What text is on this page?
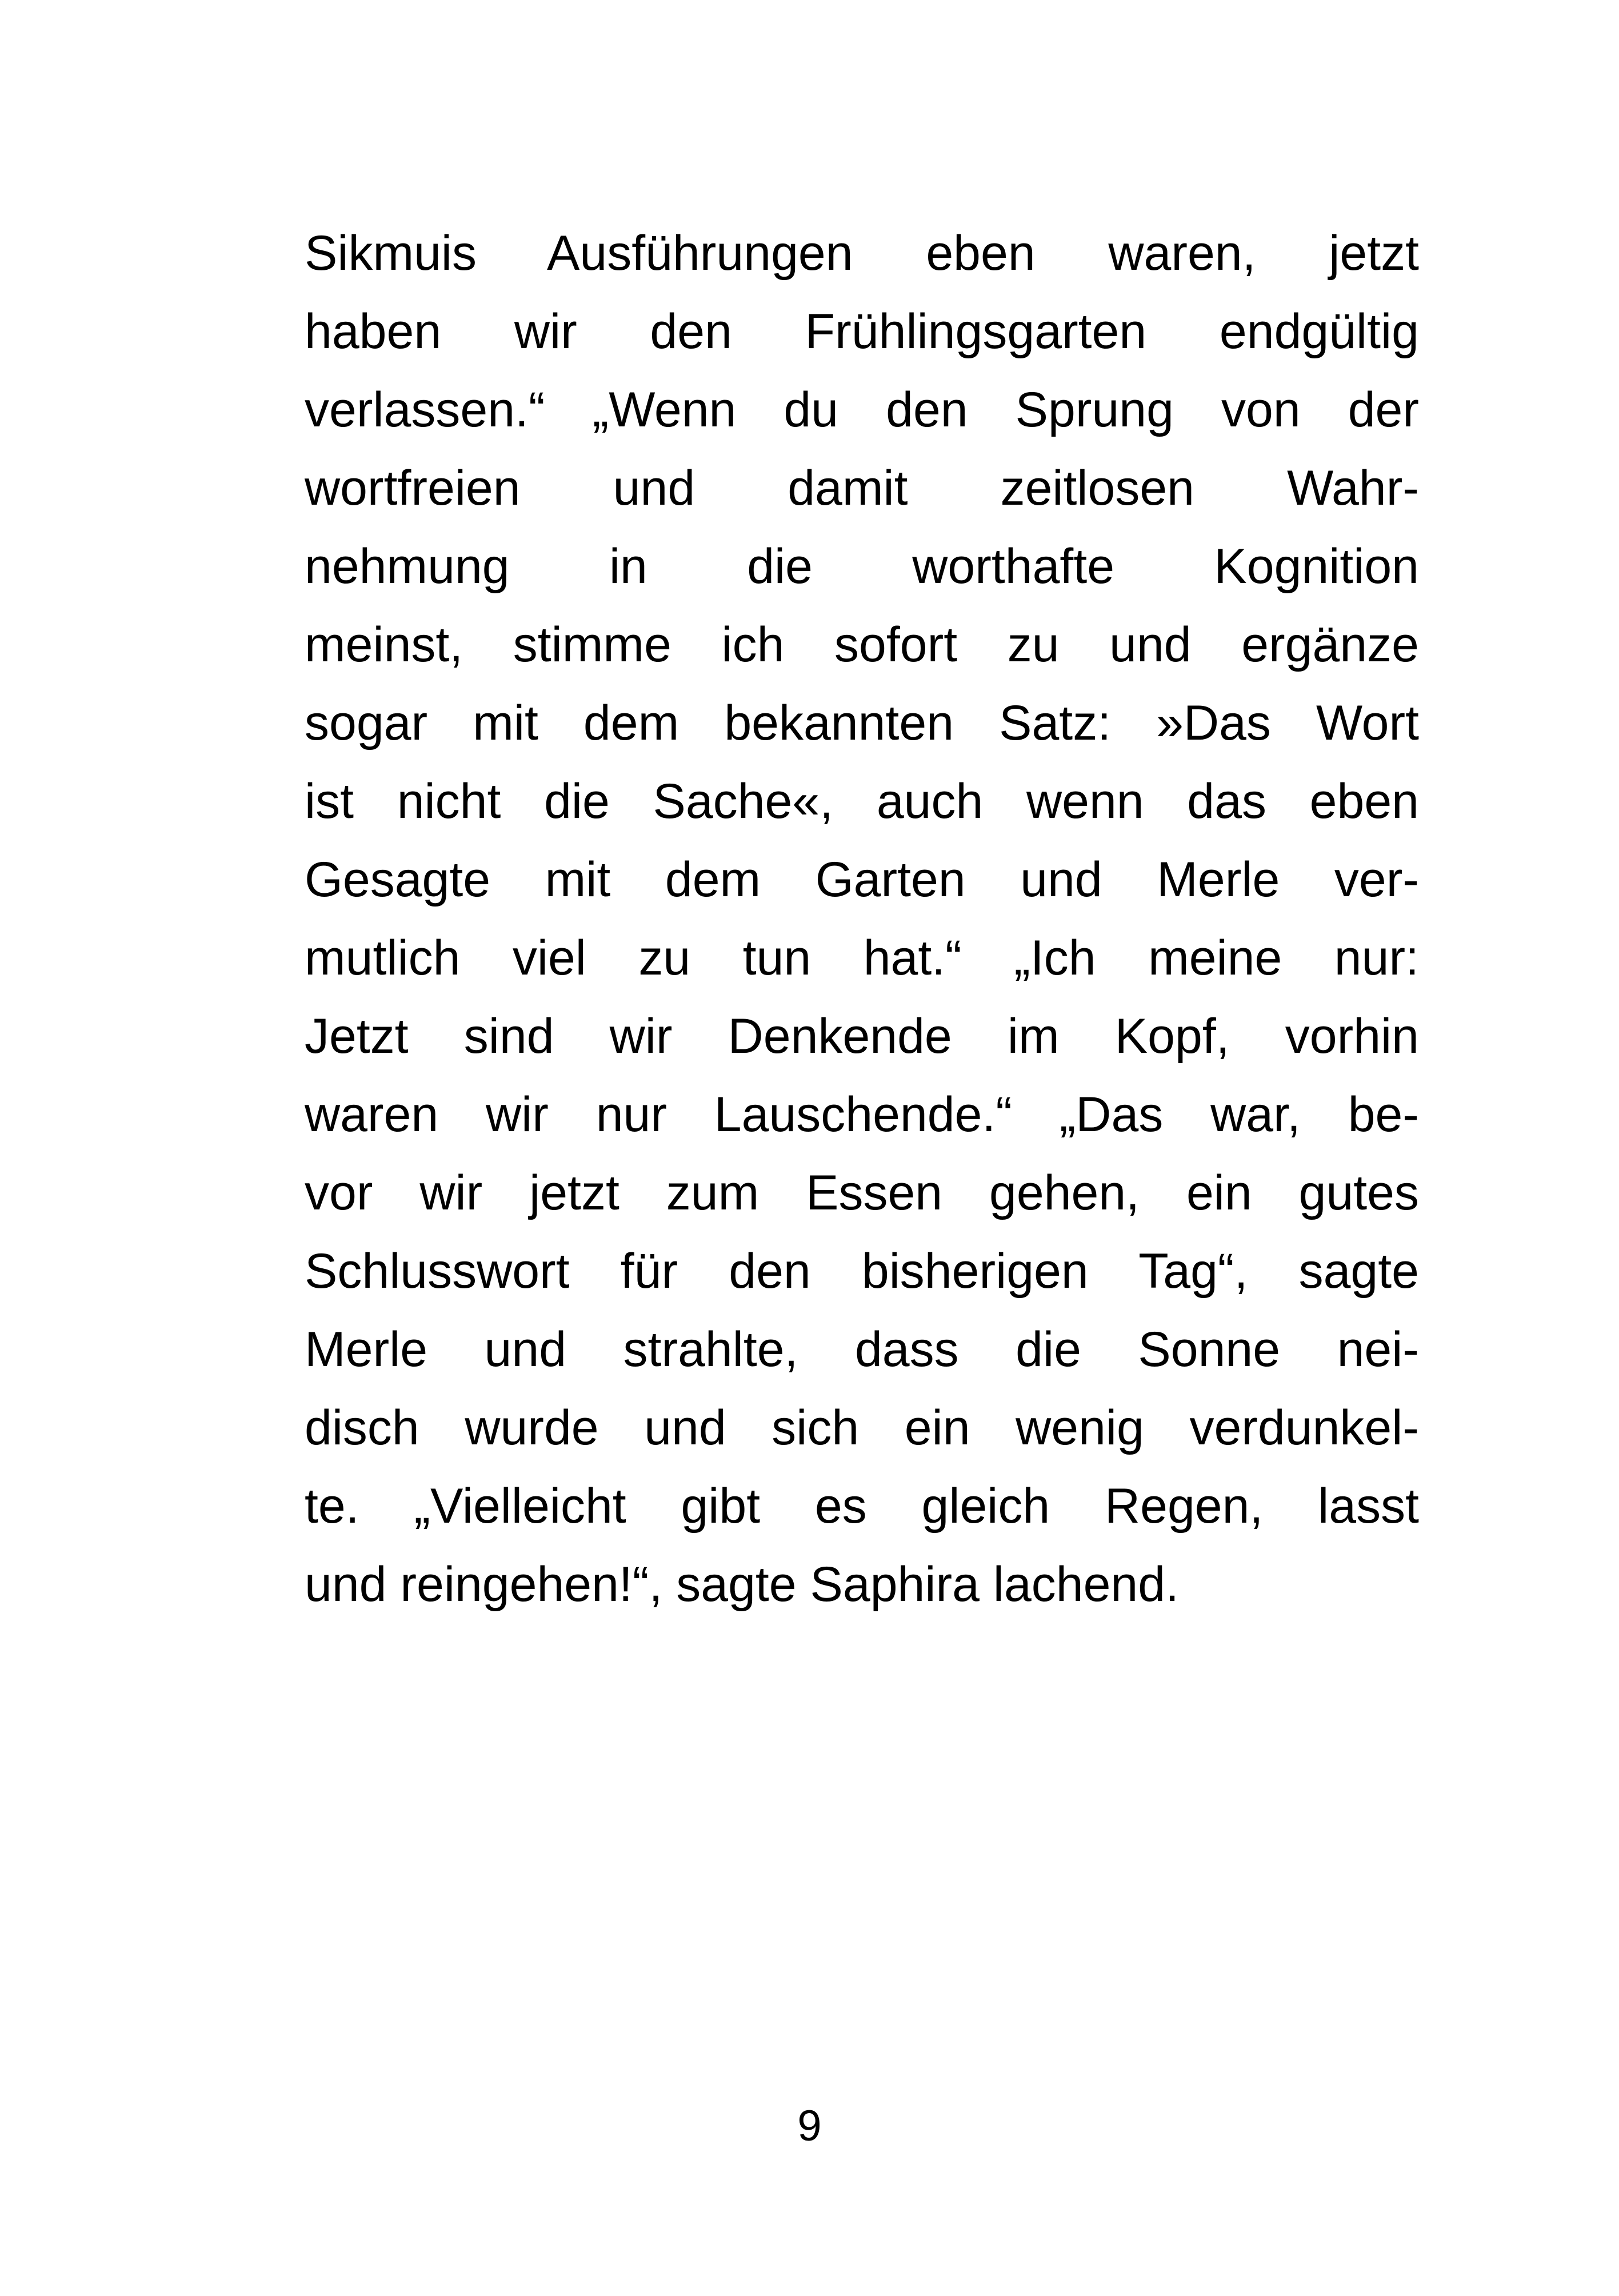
Sikmuis Ausführungen eben waren, jetzt
haben wir den Frühlingsgarten endgültig
verlassen.“ „Wenn du den Sprung von der
wortfreien und damit zeitlosen Wahr-
nehmung in die worthafte Kognition
meinst, stimme ich sofort zu und ergänze
sogar mit dem bekannten Satz: »Das Wort
ist nicht die Sache«, auch wenn das eben
Gesagte mit dem Garten und Merle ver-
mutlich viel zu tun hat.“ „Ich meine nur:
Jetzt sind wir Denkende im Kopf, vorhin
waren wir nur Lauschende.“ „Das war, be-
vor wir jetzt zum Essen gehen, ein gutes
Schlusswort für den bisherigen Tag“, sagte
Merle und strahlte, dass die Sonne nei-
disch wurde und sich ein wenig verdunkel-
te. „Vielleicht gibt es gleich Regen, lasst
und reingehen!“, sagte Saphira lachend.
9
